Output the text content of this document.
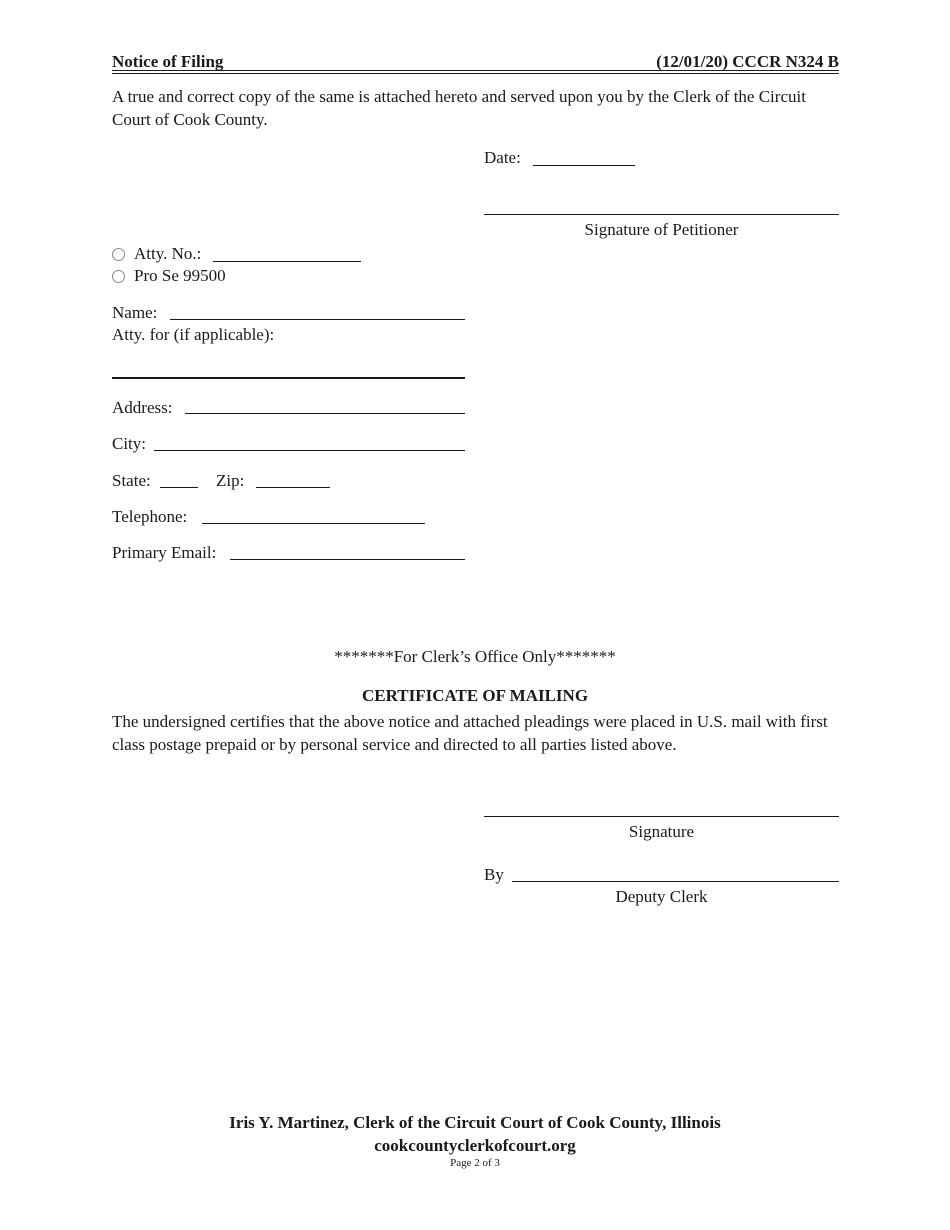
Notice of Filing	(12/01/20) CCCR N324 B
A true and correct copy of the same is attached hereto and served upon you by the Clerk of the Circuit Court of Cook County.
Date:
Signature of Petitioner
Atty. No.:
Pro Se 99500
Name:
Atty. for (if applicable):
Address:
City:
State:	Zip:
Telephone:
Primary Email:
*******For Clerk’s Office Only*******
CERTIFICATE OF MAILING
The undersigned certifies that the above notice and attached pleadings were placed in U.S. mail with first class postage prepaid or by personal service and directed to all parties listed above.
Signature
By
Deputy Clerk
Iris Y. Martinez, Clerk of the Circuit Court of Cook County, Illinois
cookcountyclerkofcourt.org
Page 2 of 3
